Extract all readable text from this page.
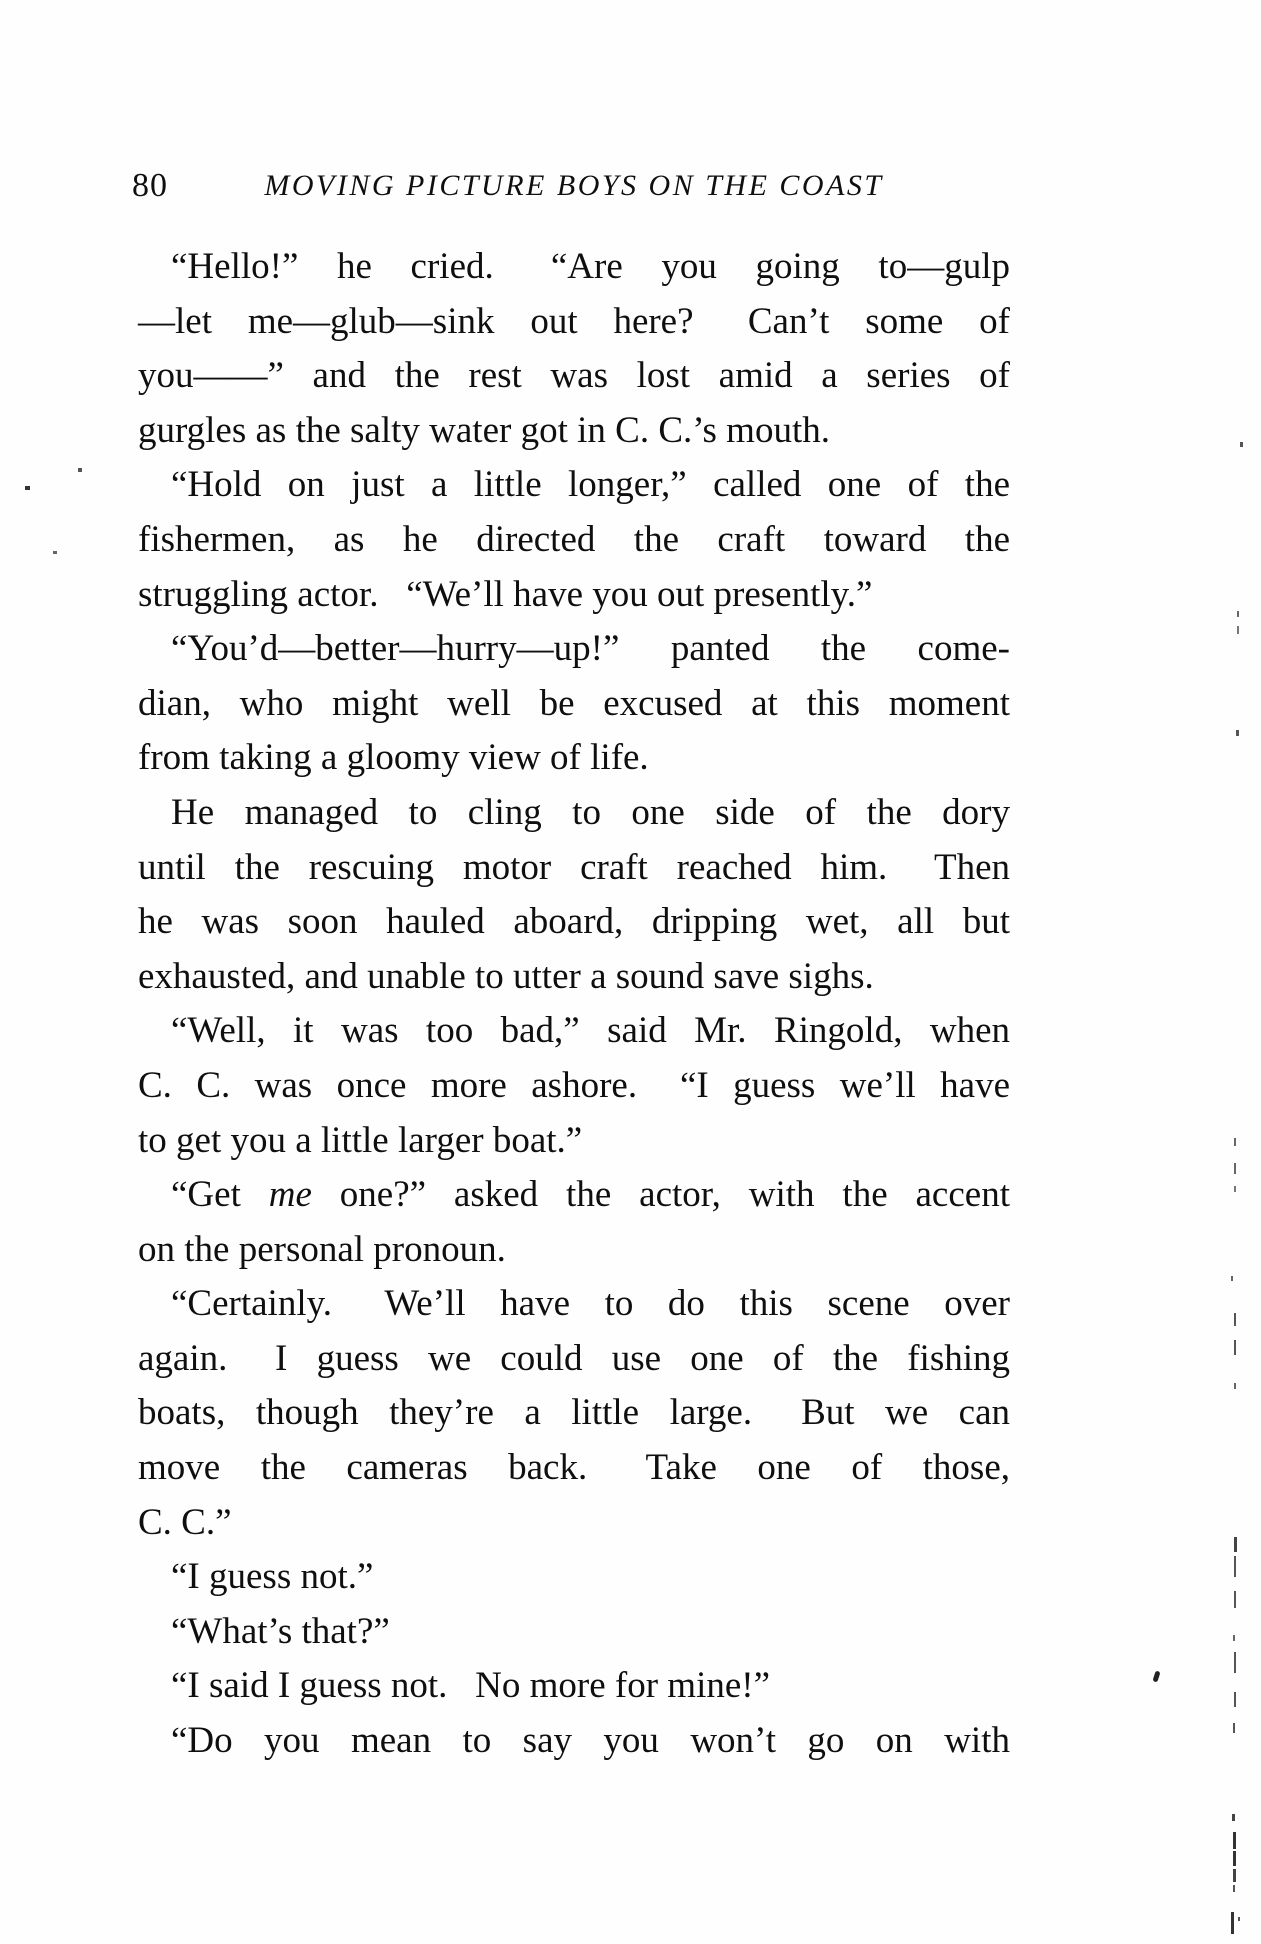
80	MOVING PICTURE BOYS ON THE COAST
“Hello!” he cried.  “Are you going to—gulp
—let me—glub—sink out here?  Can’t some of
you——” and the rest was lost amid a series of
gurgles as the salty water got in C. C.’s mouth.
“Hold on just a little longer,” called one of the
fishermen, as he directed the craft toward the
struggling actor.  “We’ll have you out presently.”
“You’d—better—hurry—up!” panted the come-
dian, who might well be excused at this moment
from taking a gloomy view of life.
He managed to cling to one side of the dory
until the rescuing motor craft reached him.  Then
he was soon hauled aboard, dripping wet, all but
exhausted, and unable to utter a sound save sighs.
“Well, it was too bad,” said Mr. Ringold, when
C. C. was once more ashore.  “I guess we’ll have
to get you a little larger boat.”
“Get me one?” asked the actor, with the accent
on the personal pronoun.
“Certainly.  We’ll have to do this scene over
again.  I guess we could use one of the fishing
boats, though they’re a little large.  But we can
move the cameras back.  Take one of those,
C. C.”
“I guess not.”
“What’s that?”
“I said I guess not.  No more for mine!”
“Do you mean to say you won’t go on with
